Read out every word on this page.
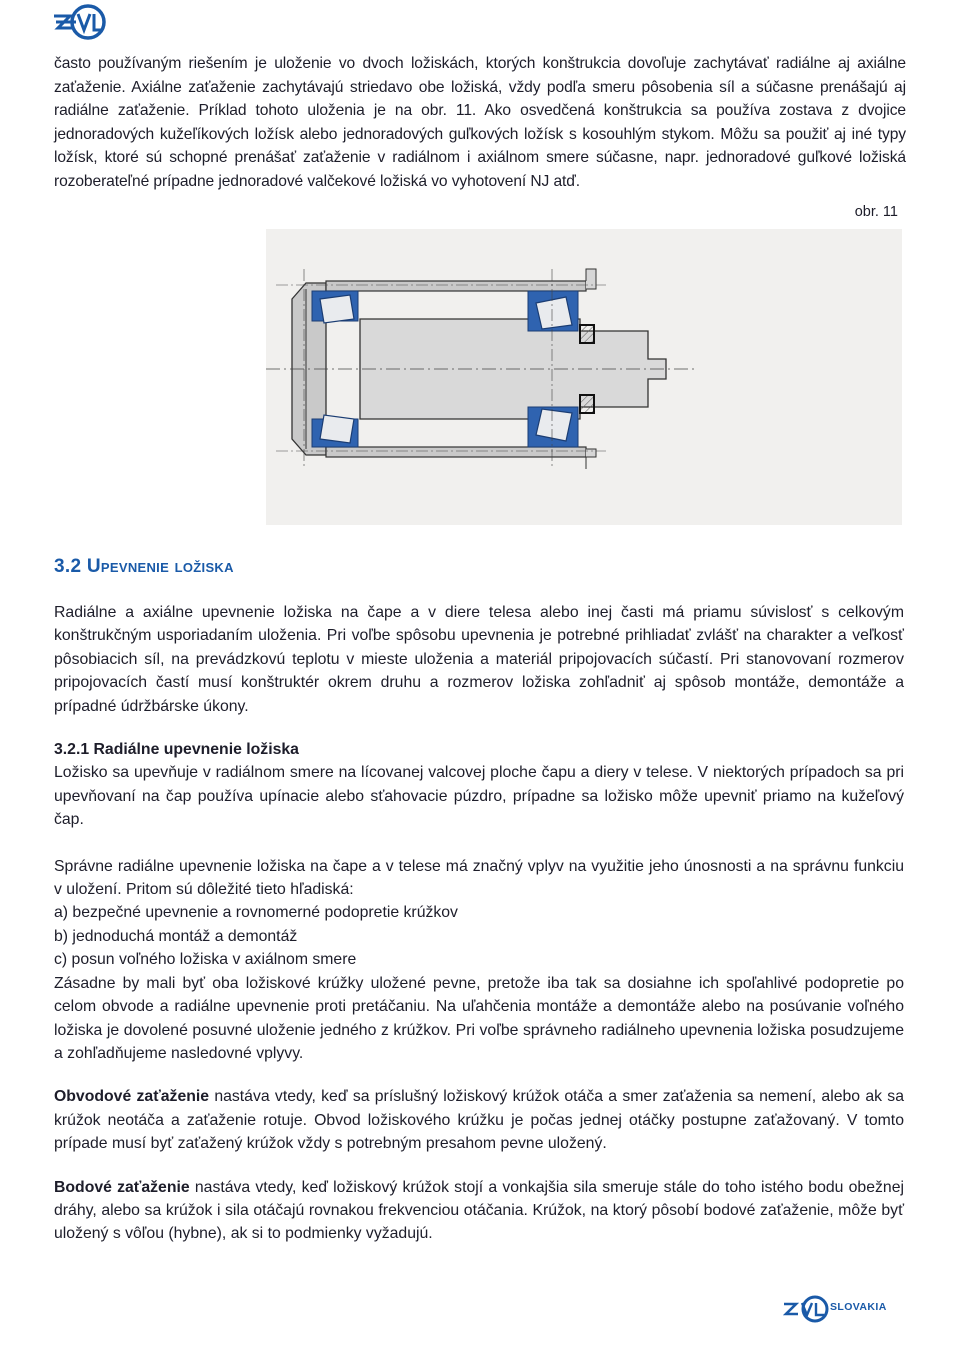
často používaným riešením je uloženie vo dvoch ložiskách, ktorých konštrukcia dovoľuje zachytávať radiálne aj axiálne zaťaženie. Axiálne zaťaženie zachytávajú striedavo obe ložiská, vždy podľa smeru pôsobenia síl a súčasne prenášajú aj radiálne zaťaženie. Príklad tohoto uloženia je na obr. 11. Ako osvedčená konštrukcia sa používa zostava z dvojice jednoradových kužeľíkových ložísk alebo jednoradových guľkových ložísk s kosouhlým stykom. Môžu sa použiť aj iné typy ložísk, ktoré sú schopné prenášať zaťaženie v radiálnom i axiálnom smere súčasne, napr. jednoradové guľkové ložiská rozoberateľné prípadne jednoradové valčekové ložiská vo vyhotovení NJ atď.

obr. 11
3.2 Upevnenie ložiska

Radiálne a axiálne upevnenie ložiska na čape a v diere telesa alebo inej časti má priamu súvislosť s celkovým konštrukčným usporiadaním uloženia. Pri voľbe spôsobu upevnenia je potrebné prihliadať zvlášť na charakter a veľkosť pôsobiacich síl, na prevádzkovú teplotu v mieste uloženia a materiál pripojovacích súčastí. Pri stanovovaní rozmerov pripojovacích častí musí konštruktér okrem druhu a rozmerov ložiska zohľadniť aj spôsob montáže, demontáže a prípadné údržbárske úkony.

3.2.1 Radiálne upevnenie ložiska

Ložisko sa upevňuje v radiálnom smere na lícovanej valcovej ploche čapu a diery v telese. V niektorých prípadoch sa pri upevňovaní na čap používa upínacie alebo sťahovacie púzdro, prípadne sa ložisko môže upevniť priamo na kužeľový čap.

Správne radiálne upevnenie ložiska na čape a v telese má značný vplyv na využitie jeho únosnosti a na správnu funkciu v uložení. Pritom sú dôležité tieto hľadiská:

a) bezpečné upevnenie a rovnomerné podopretie krúžkov

b) jednoduchá montáž a demontáž

c) posun voľného ložiska v axiálnom smere

Zásadne by mali byť oba ložiskové krúžky uložené pevne, pretože iba tak sa dosiahne ich spoľahlivé podopretie po celom obvode a radiálne upevnenie proti pretáčaniu. Na uľahčenia montáže a demontáže alebo na posúvanie voľného ložiska je dovolené posuvné uloženie jedného z krúžkov. Pri voľbe správneho radiálneho upevnenia ložiska posudzujeme a zohľadňujeme nasledovné vplyvy.

Obvodové zaťaženie nastáva vtedy, keď sa príslušný ložiskový krúžok otáča a smer zaťaženia sa nemení, alebo ak sa krúžok neotáča a zaťaženie rotuje. Obvod ložiskového krúžku je počas jednej otáčky postupne zaťažovaný. V tomto prípade musí byť zaťažený krúžok vždy s potrebným presahom pevne uložený.

Bodové zaťaženie nastáva vtedy, keď ložiskový krúžok stojí a vonkajšia sila smeruje stále do toho istého bodu obežnej dráhy, alebo sa krúžok i sila otáčajú rovnakou frekvenciou otáčania. Krúžok, na ktorý pôsobí bodové zaťaženie, môže byť uložený s vôľou (hybne), ak si to podmienky vyžadujú.

SLOVAKIA
